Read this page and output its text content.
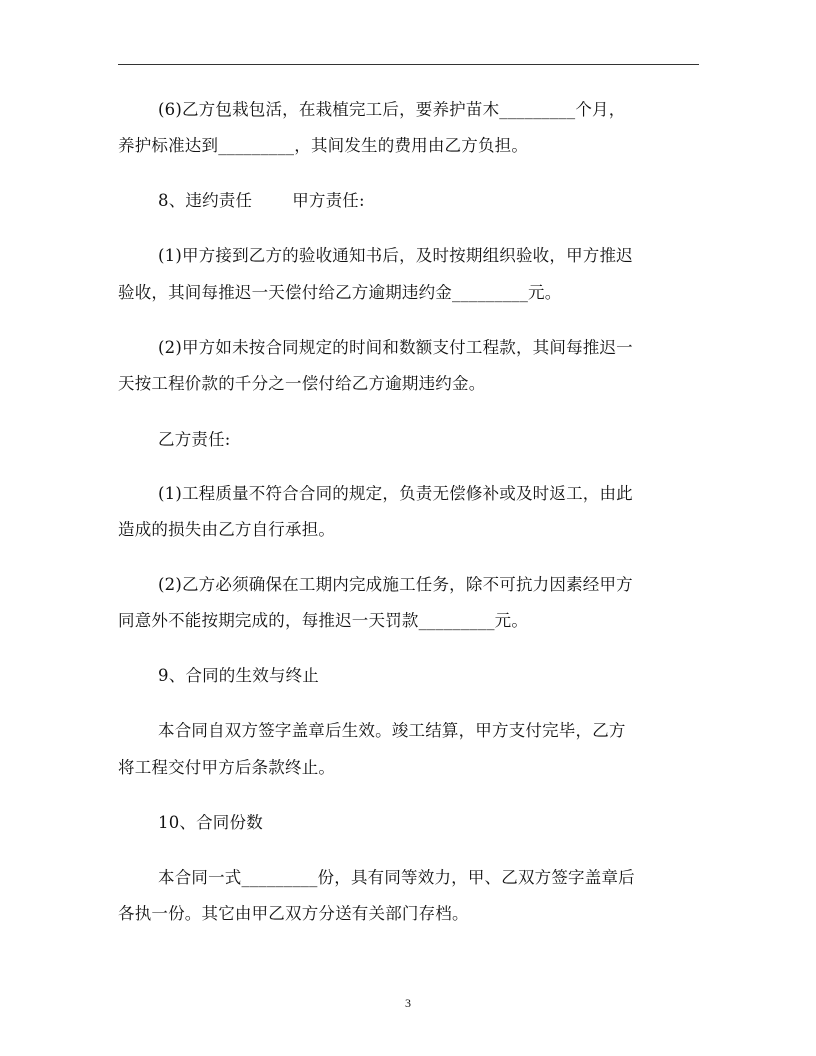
(6)乙方包栽包活，在栽植完工后，要养护苗木_________个月，
养护标准达到_________，其间发生的费用由乙方负担。
8、违约责任 甲方责任:
(1)甲方接到乙方的验收通知书后，及时按期组织验收，甲方推迟
验收，其间每推迟一天偿付给乙方逾期违约金_________元。
(2)甲方如未按合同规定的时间和数额支付工程款，其间每推迟一
天按工程价款的千分之一偿付给乙方逾期违约金。
乙方责任:
(1)工程质量不符合合同的规定，负责无偿修补或及时返工，由此
造成的损失由乙方自行承担。
(2)乙方必须确保在工期内完成施工任务，除不可抗力因素经甲方
同意外不能按期完成的，每推迟一天罚款_________元。
9、合同的生效与终止
本合同自双方签字盖章后生效。竣工结算，甲方支付完毕，乙方
将工程交付甲方后条款终止。
10、合同份数
本合同一式_________份，具有同等效力，甲、乙双方签字盖章后
各执一份。其它由甲乙双方分送有关部门存档。
3
